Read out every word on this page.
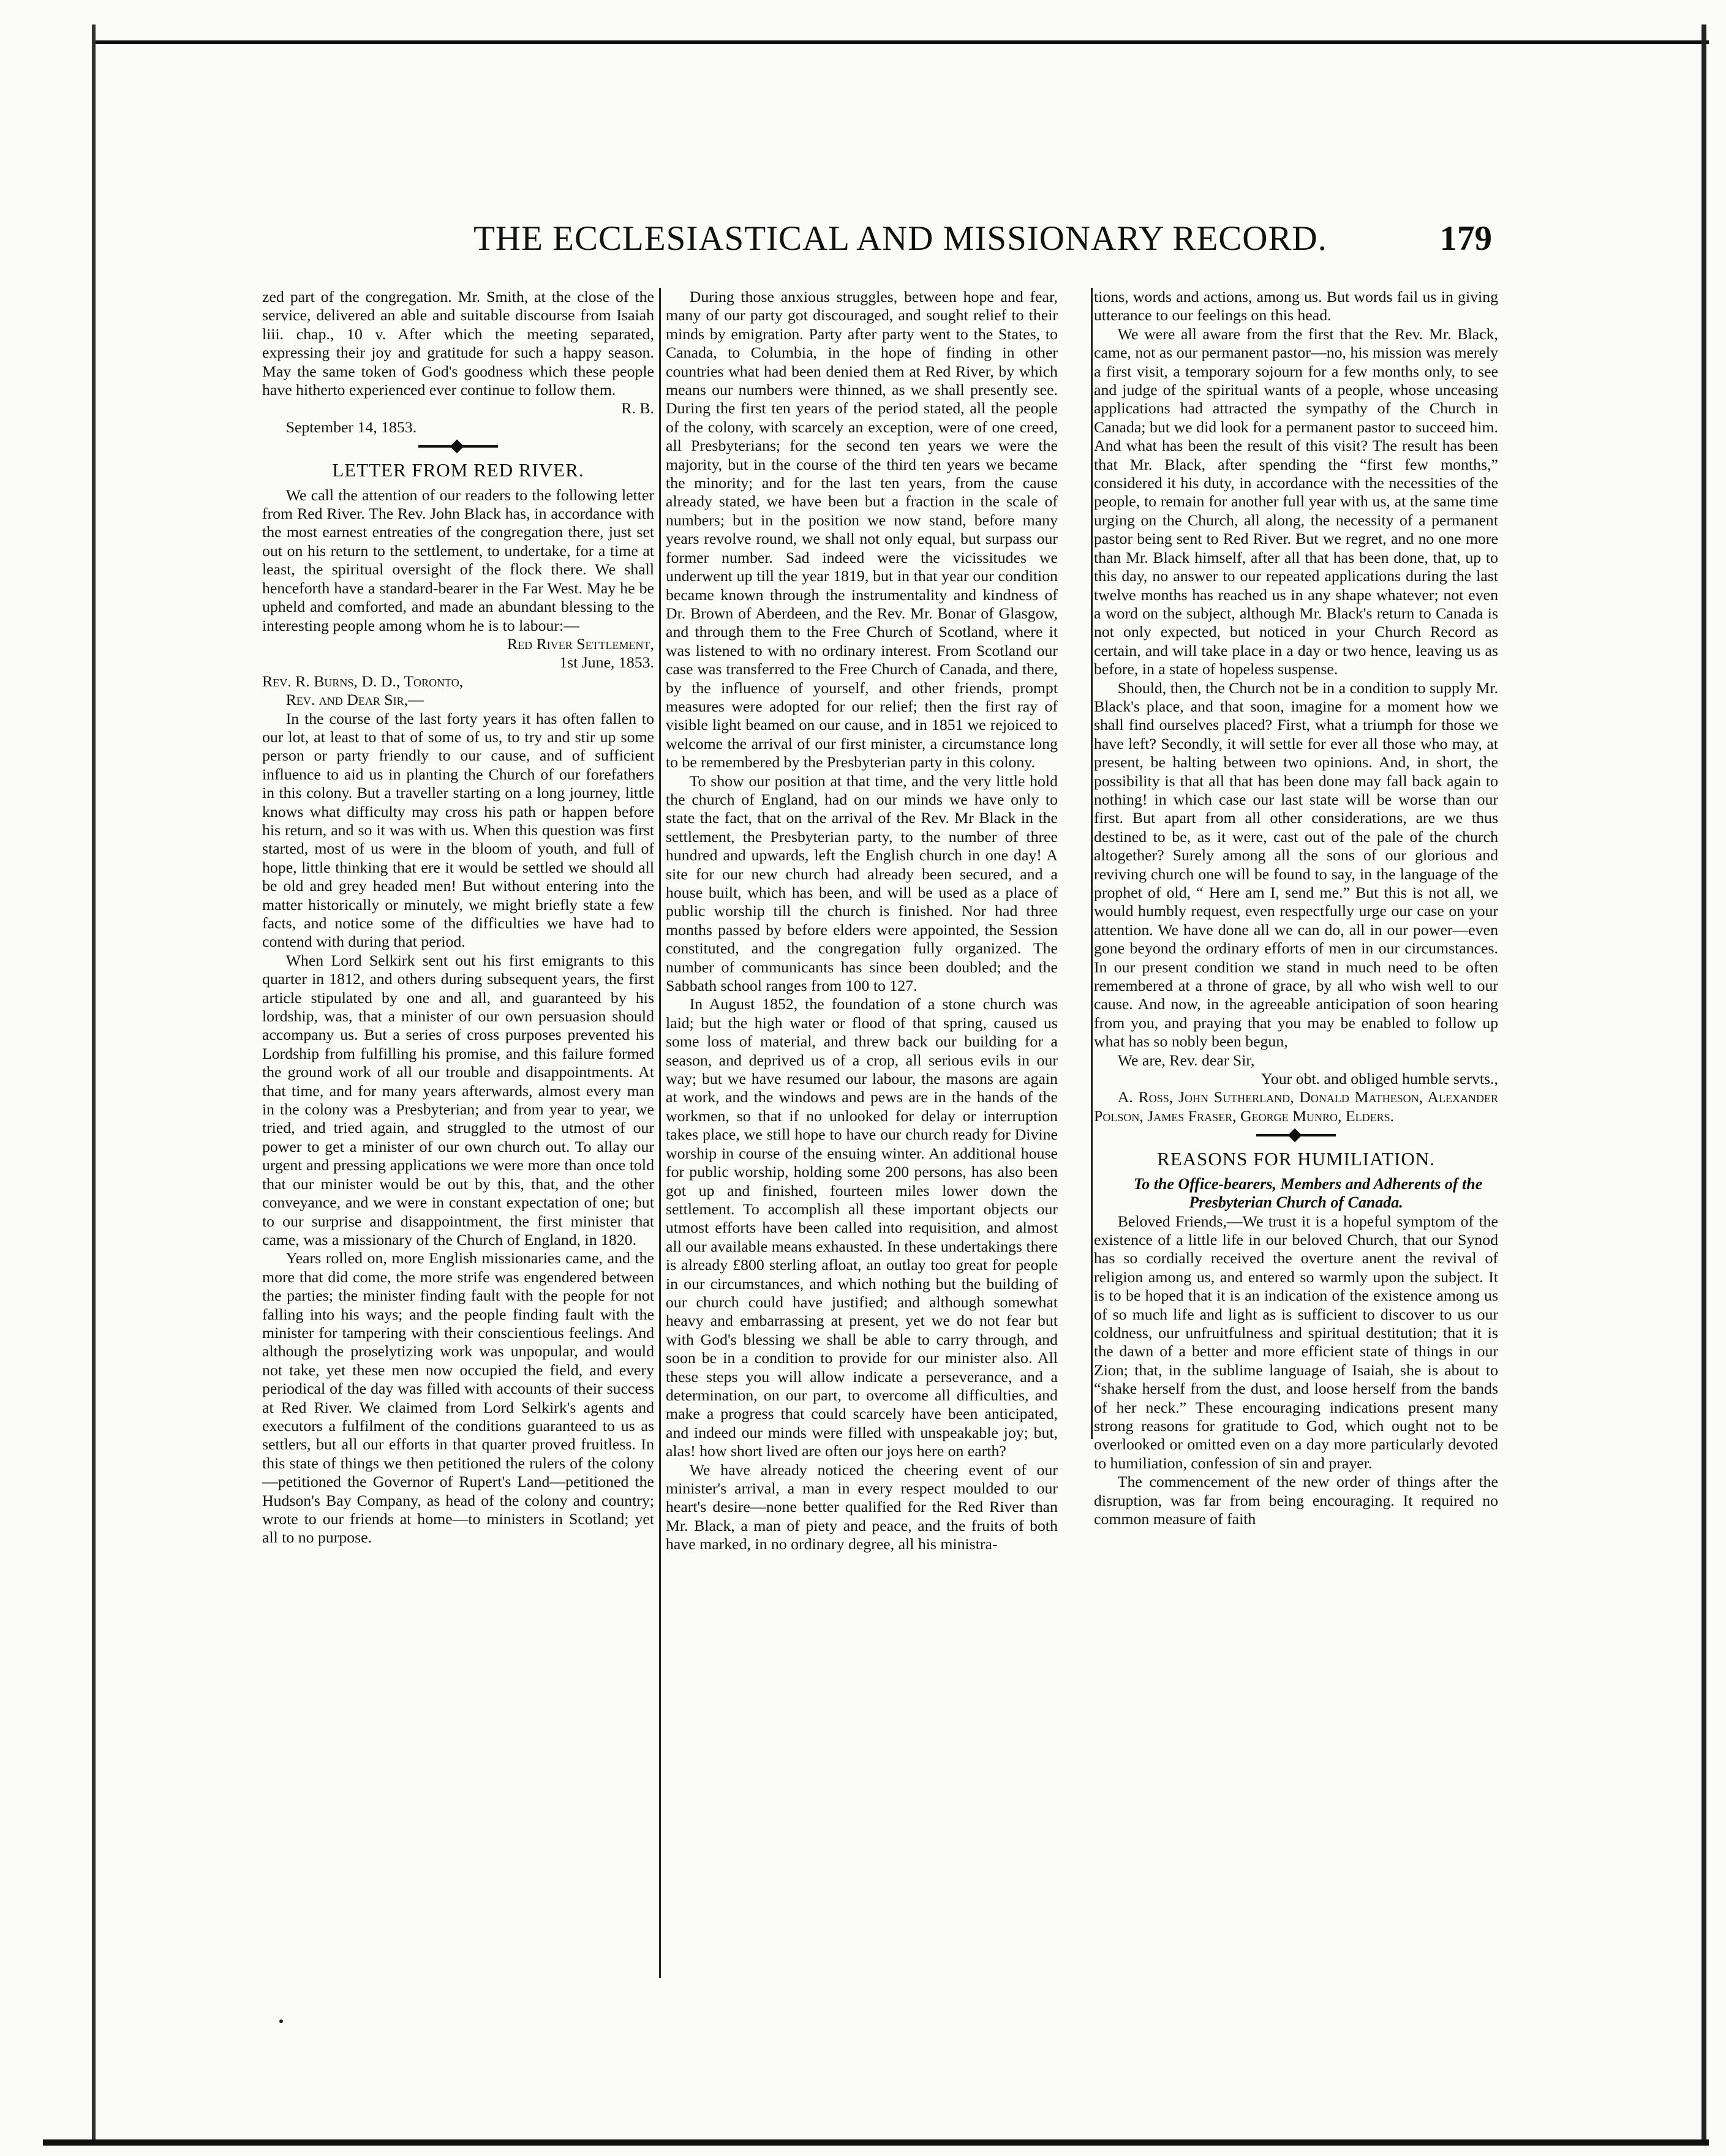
THE ECCLESIASTICAL AND MISSIONARY RECORD.	179

zed part of the congregation. Mr. Smith, at the close of the service, delivered an able and suitable discourse from Isaiah liii. chap., 10 v. After which the meeting separated, expressing their joy and gratitude for such a happy season. May the same token of God's goodness which these people have hitherto experienced ever continue to follow them.

R. B.

September 14, 1853.

LETTER FROM RED RIVER.

We call the attention of our readers to the following letter from Red River. The Rev. John Black has, in accordance with the most earnest entreaties of the congregation there, just set out on his return to the settlement, to undertake, for a time at least, the spiritual oversight of the flock there. We shall henceforth have a standard-bearer in the Far West. May he be upheld and comforted, and made an abundant blessing to the interesting people among whom he is to labour:—

Red River Settlement,

1st June, 1853.

Rev. R. Burns, D. D., Toronto,

Rev. and Dear Sir,—

In the course of the last forty years it has often fallen to our lot, at least to that of some of us, to try and stir up some person or party friendly to our cause, and of sufficient influence to aid us in planting the Church of our forefathers in this colony. But a traveller starting on a long journey, little knows what difficulty may cross his path or happen before his return, and so it was with us. When this question was first started, most of us were in the bloom of youth, and full of hope, little thinking that ere it would be settled we should all be old and grey headed men! But without entering into the matter historically or minutely, we might briefly state a few facts, and notice some of the difficulties we have had to contend with during that period.

When Lord Selkirk sent out his first emigrants to this quarter in 1812, and others during subsequent years, the first article stipulated by one and all, and guaranteed by his lordship, was, that a minister of our own persuasion should accompany us. But a series of cross purposes prevented his Lordship from fulfilling his promise, and this failure formed the ground work of all our trouble and disappointments. At that time, and for many years afterwards, almost every man in the colony was a Presbyterian; and from year to year, we tried, and tried again, and struggled to the utmost of our power to get a minister of our own church out. To allay our urgent and pressing applications we were more than once told that our minister would be out by this, that, and the other conveyance, and we were in constant expectation of one; but to our surprise and disappointment, the first minister that came, was a missionary of the Church of England, in 1820.

Years rolled on, more English missionaries came, and the more that did come, the more strife was engendered between the parties; the minister finding fault with the people for not falling into his ways; and the people finding fault with the minister for tampering with their conscientious feelings. And although the proselytizing work was unpopular, and would not take, yet these men now occupied the field, and every periodical of the day was filled with accounts of their success at Red River. We claimed from Lord Selkirk's agents and executors a fulfilment of the conditions guaranteed to us as settlers, but all our efforts in that quarter proved fruitless. In this state of things we then petitioned the rulers of the colony—petitioned the Governor of Rupert's Land—petitioned the Hudson's Bay Company, as head of the colony and country; wrote to our friends at home—to ministers in Scotland; yet all to no purpose.

During those anxious struggles, between hope and fear, many of our party got discouraged, and sought relief to their minds by emigration. Party after party went to the States, to Canada, to Columbia, in the hope of finding in other countries what had been denied them at Red River, by which means our numbers were thinned, as we shall presently see. During the first ten years of the period stated, all the people of the colony, with scarcely an exception, were of one creed, all Presbyterians; for the second ten years we were the majority, but in the course of the third ten years we became the minority; and for the last ten years, from the cause already stated, we have been but a fraction in the scale of numbers; but in the position we now stand, before many years revolve round, we shall not only equal, but surpass our former number. Sad indeed were the vicissitudes we underwent up till the year 1819, but in that year our condition became known through the instrumentality and kindness of Dr. Brown of Aberdeen, and the Rev. Mr. Bonar of Glasgow, and through them to the Free Church of Scotland, where it was listened to with no ordinary interest. From Scotland our case was transferred to the Free Church of Canada, and there, by the influence of yourself, and other friends, prompt measures were adopted for our relief; then the first ray of visible light beamed on our cause, and in 1851 we rejoiced to welcome the arrival of our first minister, a circumstance long to be remembered by the Presbyterian party in this colony.

To show our position at that time, and the very little hold the church of England, had on our minds we have only to state the fact, that on the arrival of the Rev. Mr Black in the settlement, the Presbyterian party, to the number of three hundred and upwards, left the English church in one day! A site for our new church had already been secured, and a house built, which has been, and will be used as a place of public worship till the church is finished. Nor had three months passed by before elders were appointed, the Session constituted, and the congregation fully organized. The number of communicants has since been doubled; and the Sabbath school ranges from 100 to 127.

In August 1852, the foundation of a stone church was laid; but the high water or flood of that spring, caused us some loss of material, and threw back our building for a season, and deprived us of a crop, all serious evils in our way; but we have resumed our labour, the masons are again at work, and the windows and pews are in the hands of the workmen, so that if no unlooked for delay or interruption takes place, we still hope to have our church ready for Divine worship in course of the ensuing winter. An additional house for public worship, holding some 200 persons, has also been got up and finished, fourteen miles lower down the settlement. To accomplish all these important objects our utmost efforts have been called into requisition, and almost all our available means exhausted. In these undertakings there is already £800 sterling afloat, an outlay too great for people in our circumstances, and which nothing but the building of our church could have justified; and although somewhat heavy and embarrassing at present, yet we do not fear but with God's blessing we shall be able to carry through, and soon be in a condition to provide for our minister also. All these steps you will allow indicate a perseverance, and a determination, on our part, to overcome all difficulties, and make a progress that could scarcely have been anticipated, and indeed our minds were filled with unspeakable joy; but, alas! how short lived are often our joys here on earth?

We have already noticed the cheering event of our minister's arrival, a man in every respect moulded to our heart's desire—none better qualified for the Red River than Mr. Black, a man of piety and peace, and the fruits of both have marked, in no ordinary degree, all his ministra-

tions, words and actions, among us. But words fail us in giving utterance to our feelings on this head.

We were all aware from the first that the Rev. Mr. Black, came, not as our permanent pastor—no, his mission was merely a first visit, a temporary sojourn for a few months only, to see and judge of the spiritual wants of a people, whose unceasing applications had attracted the sympathy of the Church in Canada; but we did look for a permanent pastor to succeed him. And what has been the result of this visit? The result has been that Mr. Black, after spending the “first few months,” considered it his duty, in accordance with the necessities of the people, to remain for another full year with us, at the same time urging on the Church, all along, the necessity of a permanent pastor being sent to Red River. But we regret, and no one more than Mr. Black himself, after all that has been done, that, up to this day, no answer to our repeated applications during the last twelve months has reached us in any shape whatever; not even a word on the subject, although Mr. Black's return to Canada is not only expected, but noticed in your Church Record as certain, and will take place in a day or two hence, leaving us as before, in a state of hopeless suspense.

Should, then, the Church not be in a condition to supply Mr. Black's place, and that soon, imagine for a moment how we shall find ourselves placed? First, what a triumph for those we have left? Secondly, it will settle for ever all those who may, at present, be halting between two opinions. And, in short, the possibility is that all that has been done may fall back again to nothing! in which case our last state will be worse than our first. But apart from all other considerations, are we thus destined to be, as it were, cast out of the pale of the church altogether? Surely among all the sons of our glorious and reviving church one will be found to say, in the language of the prophet of old, “ Here am I, send me.” But this is not all, we would humbly request, even respectfully urge our case on your attention. We have done all we can do, all in our power—even gone beyond the ordinary efforts of men in our circumstances. In our present condition we stand in much need to be often remembered at a throne of grace, by all who wish well to our cause. And now, in the agreeable anticipation of soon hearing from you, and praying that you may be enabled to follow up what has so nobly been begun,

We are, Rev. dear Sir,

Your obt. and obliged humble servts.,

A. Ross, John Sutherland, Donald Matheson, Alexander Polson, James Fraser, George Munro, Elders.

REASONS FOR HUMILIATION.

To the Office-bearers, Members and Adherents of the Presbyterian Church of Canada.

Beloved Friends,—We trust it is a hopeful symptom of the existence of a little life in our beloved Church, that our Synod has so cordially received the overture anent the revival of religion among us, and entered so warmly upon the subject. It is to be hoped that it is an indication of the existence among us of so much life and light as is sufficient to discover to us our coldness, our unfruitfulness and spiritual destitution; that it is the dawn of a better and more efficient state of things in our Zion; that, in the sublime language of Isaiah, she is about to “shake herself from the dust, and loose herself from the bands of her neck.” These encouraging indications present many strong reasons for gratitude to God, which ought not to be overlooked or omitted even on a day more particularly devoted to humiliation, confession of sin and prayer.

The commencement of the new order of things after the disruption, was far from being encouraging. It required no common measure of faith
